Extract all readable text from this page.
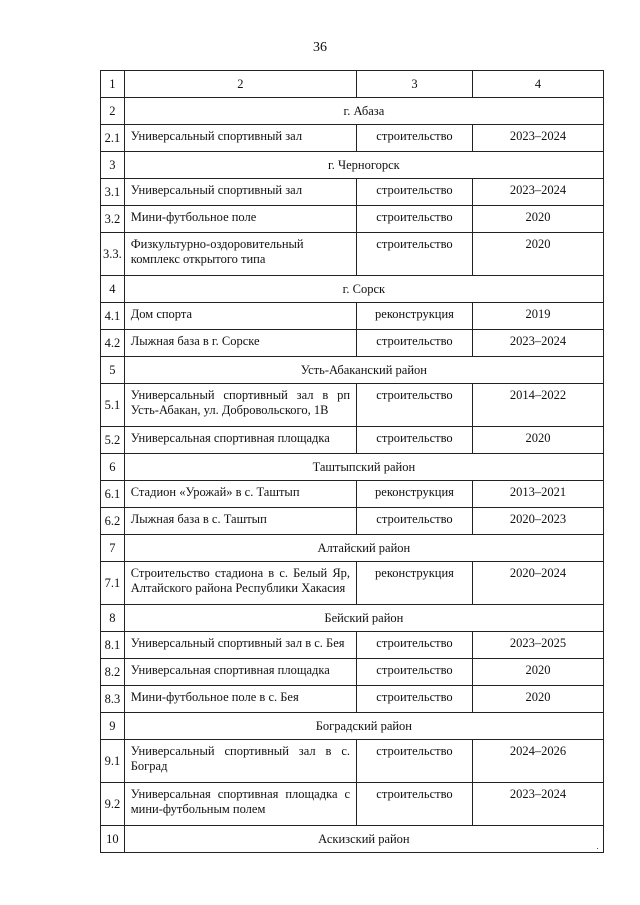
36
1	2	3	4
2	г. Абаза		
2.1	Универсальный спортивный зал	строительство	2023–2024
3	г. Черногорск		
3.1	Универсальный спортивный зал	строительство	2023–2024
3.2	Мини-футбольное поле	строительство	2020
3.3.	Физкультурно-оздоровительный комплекс открытого типа	строительство	2020
4	г. Сорск		
4.1	Дом спорта	реконструкция	2019
4.2	Лыжная база в г. Сорске	строительство	2023–2024
5	Усть-Абаканский район		
5.1	Универсальный спортивный зал в рп Усть-Абакан, ул. Добровольского, 1В	строительство	2014–2022
5.2	Универсальная спортивная площадка	строительство	2020
6	Таштыпский район		
6.1	Стадион «Урожай» в с. Таштып	реконструкция	2013–2021
6.2	Лыжная база в с. Таштып	строительство	2020–2023
7	Алтайский район		
7.1	Строительство стадиона в с. Белый Яр, Алтайского района Республики Хакасия	реконструкция	2020–2024
8	Бейский район		
8.1	Универсальный спортивный зал в с. Бея	строительство	2023–2025
8.2	Универсальная спортивная площадка	строительство	2020
8.3	Мини-футбольное поле в с. Бея	строительство	2020
9	Боградский район		
9.1	Универсальный спортивный зал в с. Боград	строительство	2024–2026
9.2	Универсальная спортивная площадка с мини-футбольным полем	строительство	2023–2024
10	Аскизский район		
